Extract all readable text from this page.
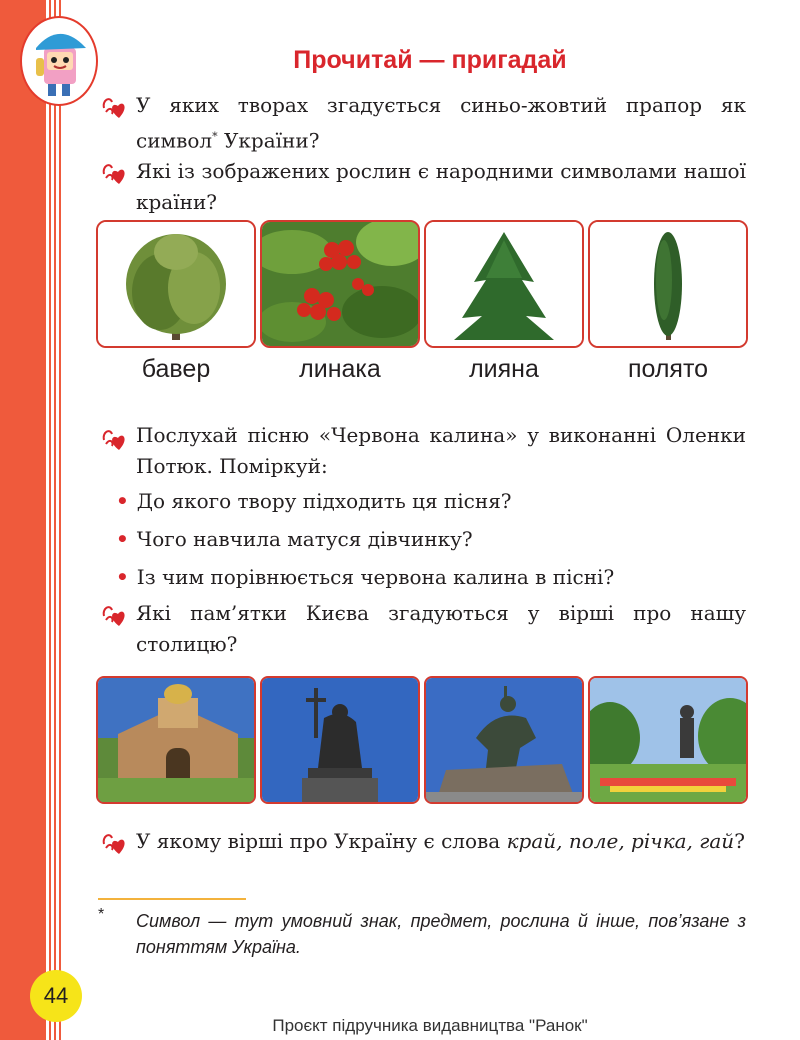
Прочитай — пригадай
У яких творах згадується синьо-жовтий прапор як символ* України?
Які із зображених рослин є народними символами нашої країни?
бавер	линака	лияна	полято
Послухай пісню «Червона калина» у виконанні Оленки Потюк. Поміркуй:
• До якого твору підходить ця пісня?
• Чого навчила матуся дівчинку?
• Із чим порівнюється червона калина в пісні?
Які пам’ятки Києва згадуються у вірші про нашу столицю?
У якому вірші про Україну є слова край, поле, річка, гай?
* Символ — тут умовний знак, предмет, рослина й інше, пов’язане з поняттям Україна.
44
Проєкт підручника видавництва "Ранок"
